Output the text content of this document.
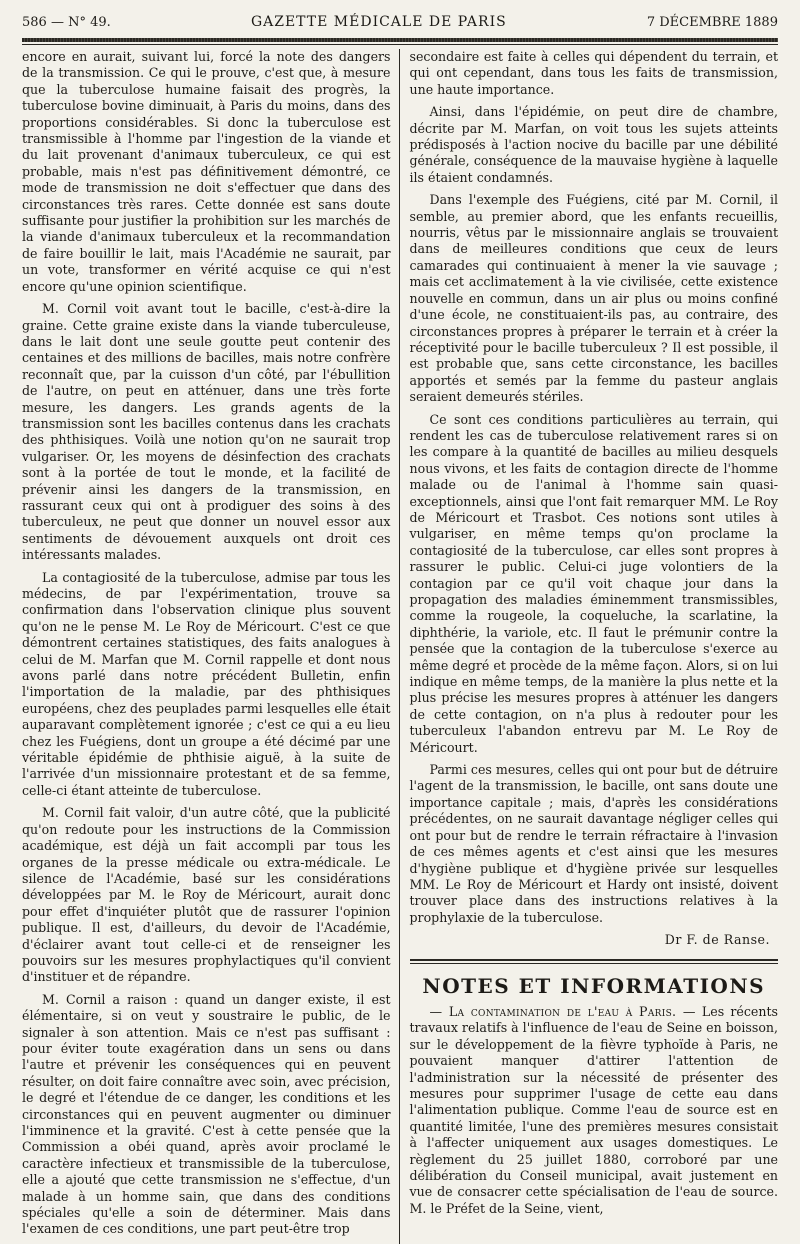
586 — N° 49.	GAZETTE MÉDICALE DE PARIS	7 DÉCEMBRE 1889

encore en aurait, suivant lui, forcé la note des dangers de la transmission. Ce qui le prouve, c'est que, à mesure que la tuberculose humaine faisait des progrès, la tuberculose bovine diminuait, à Paris du moins, dans des proportions considérables. Si donc la tuberculose est transmissible à l'homme par l'ingestion de la viande et du lait provenant d'animaux tuberculeux, ce qui est probable, mais n'est pas définitivement démontré, ce mode de transmission ne doit s'effectuer que dans des circonstances très rares. Cette donnée est sans doute suffisante pour justifier la prohibition sur les marchés de la viande d'animaux tuberculeux et la recommandation de faire bouillir le lait, mais l'Académie ne saurait, par un vote, transformer en vérité acquise ce qui n'est encore qu'une opinion scientifique.

M. Cornil voit avant tout le bacille, c'est-à-dire la graine. Cette graine existe dans la viande tuberculeuse, dans le lait dont une seule goutte peut contenir des centaines et des millions de bacilles, mais notre confrère reconnaît que, par la cuisson d'un côté, par l'ébullition de l'autre, on peut en atténuer, dans une très forte mesure, les dangers. Les grands agents de la transmission sont les bacilles contenus dans les crachats des phthisiques. Voilà une notion qu'on ne saurait trop vulgariser. Or, les moyens de désinfection des crachats sont à la portée de tout le monde, et la facilité de prévenir ainsi les dangers de la transmission, en rassurant ceux qui ont à prodiguer des soins à des tuberculeux, ne peut que donner un nouvel essor aux sentiments de dévouement auxquels ont droit ces intéressants malades.

La contagiosité de la tuberculose, admise par tous les médecins, de par l'expérimentation, trouve sa confirmation dans l'observation clinique plus souvent qu'on ne le pense M. Le Roy de Méricourt. C'est ce que démontrent certaines statistiques, des faits analogues à celui de M. Marfan que M. Cornil rappelle et dont nous avons parlé dans notre précédent Bulletin, enfin l'importation de la maladie, par des phthisiques européens, chez des peuplades parmi lesquelles elle était auparavant complètement ignorée ; c'est ce qui a eu lieu chez les Fuégiens, dont un groupe a été décimé par une véritable épidémie de phthisie aiguë, à la suite de l'arrivée d'un missionnaire protestant et de sa femme, celle-ci étant atteinte de tuberculose.

M. Cornil fait valoir, d'un autre côté, que la publicité qu'on redoute pour les instructions de la Commission académique, est déjà un fait accompli par tous les organes de la presse médicale ou extra-médicale. Le silence de l'Académie, basé sur les considérations développées par M. le Roy de Méricourt, aurait donc pour effet d'inquiéter plutôt que de rassurer l'opinion publique. Il est, d'ailleurs, du devoir de l'Académie, d'éclairer avant tout celle-ci et de renseigner les pouvoirs sur les mesures prophylactiques qu'il convient d'instituer et de répandre.

M. Cornil a raison : quand un danger existe, il est élémentaire, si on veut y soustraire le public, de le signaler à son attention. Mais ce n'est pas suffisant : pour éviter toute exagération dans un sens ou dans l'autre et prévenir les conséquences qui en peuvent résulter, on doit faire connaître avec soin, avec précision, le degré et l'étendue de ce danger, les conditions et les circonstances qui en peuvent augmenter ou diminuer l'imminence et la gravité. C'est à cette pensée que la Commission a obéi quand, après avoir proclamé le caractère infectieux et transmissible de la tuberculose, elle a ajouté que cette transmission ne s'effectue, d'un malade à un homme sain, que dans des conditions spéciales qu'elle a soin de déterminer. Mais dans l'examen de ces conditions, une part peut-être trop

secondaire est faite à celles qui dépendent du terrain, et qui ont cependant, dans tous les faits de transmission, une haute importance.

Ainsi, dans l'épidémie, on peut dire de chambre, décrite par M. Marfan, on voit tous les sujets atteints prédisposés à l'action nocive du bacille par une débilité générale, conséquence de la mauvaise hygiène à laquelle ils étaient condamnés.

Dans l'exemple des Fuégiens, cité par M. Cornil, il semble, au premier abord, que les enfants recueillis, nourris, vêtus par le missionnaire anglais se trouvaient dans de meilleures conditions que ceux de leurs camarades qui continuaient à mener la vie sauvage ; mais cet acclimatement à la vie civilisée, cette existence nouvelle en commun, dans un air plus ou moins confiné d'une école, ne constituaient-ils pas, au contraire, des circonstances propres à préparer le terrain et à créer la réceptivité pour le bacille tuberculeux ? Il est possible, il est probable que, sans cette circonstance, les bacilles apportés et semés par la femme du pasteur anglais seraient demeurés stériles.

Ce sont ces conditions particulières au terrain, qui rendent les cas de tuberculose relativement rares si on les compare à la quantité de bacilles au milieu desquels nous vivons, et les faits de contagion directe de l'homme malade ou de l'animal à l'homme sain quasi-exceptionnels, ainsi que l'ont fait remarquer MM. Le Roy de Méricourt et Trasbot. Ces notions sont utiles à vulgariser, en même temps qu'on proclame la contagiosité de la tuberculose, car elles sont propres à rassurer le public. Celui-ci juge volontiers de la contagion par ce qu'il voit chaque jour dans la propagation des maladies éminemment transmissibles, comme la rougeole, la coqueluche, la scarlatine, la diphthérie, la variole, etc. Il faut le prémunir contre la pensée que la contagion de la tuberculose s'exerce au même degré et procède de la même façon. Alors, si on lui indique en même temps, de la manière la plus nette et la plus précise les mesures propres à atténuer les dangers de cette contagion, on n'a plus à redouter pour les tuberculeux l'abandon entrevu par M. Le Roy de Méricourt.

Parmi ces mesures, celles qui ont pour but de détruire l'agent de la transmission, le bacille, ont sans doute une importance capitale ; mais, d'après les considérations précédentes, on ne saurait davantage négliger celles qui ont pour but de rendre le terrain réfractaire à l'invasion de ces mêmes agents et c'est ainsi que les mesures d'hygiène publique et d'hygiène privée sur lesquelles MM. Le Roy de Méricourt et Hardy ont insisté, doivent trouver place dans des instructions relatives à la prophylaxie de la tuberculose.

Dr F. de Ranse.
NOTES ET INFORMATIONS

— La contamination de l'eau à Paris. — Les récents travaux relatifs à l'influence de l'eau de Seine en boisson, sur le développement de la fièvre typhoïde à Paris, ne pouvaient manquer d'attirer l'attention de l'administration sur la nécessité de présenter des mesures pour supprimer l'usage de cette eau dans l'alimentation publique. Comme l'eau de source est en quantité limitée, l'une des premières mesures consistait à l'affecter uniquement aux usages domestiques. Le règlement du 25 juillet 1880, corroboré par une délibération du Conseil municipal, avait justement en vue de consacrer cette spécialisation de l'eau de source. M. le Préfet de la Seine, vient,
